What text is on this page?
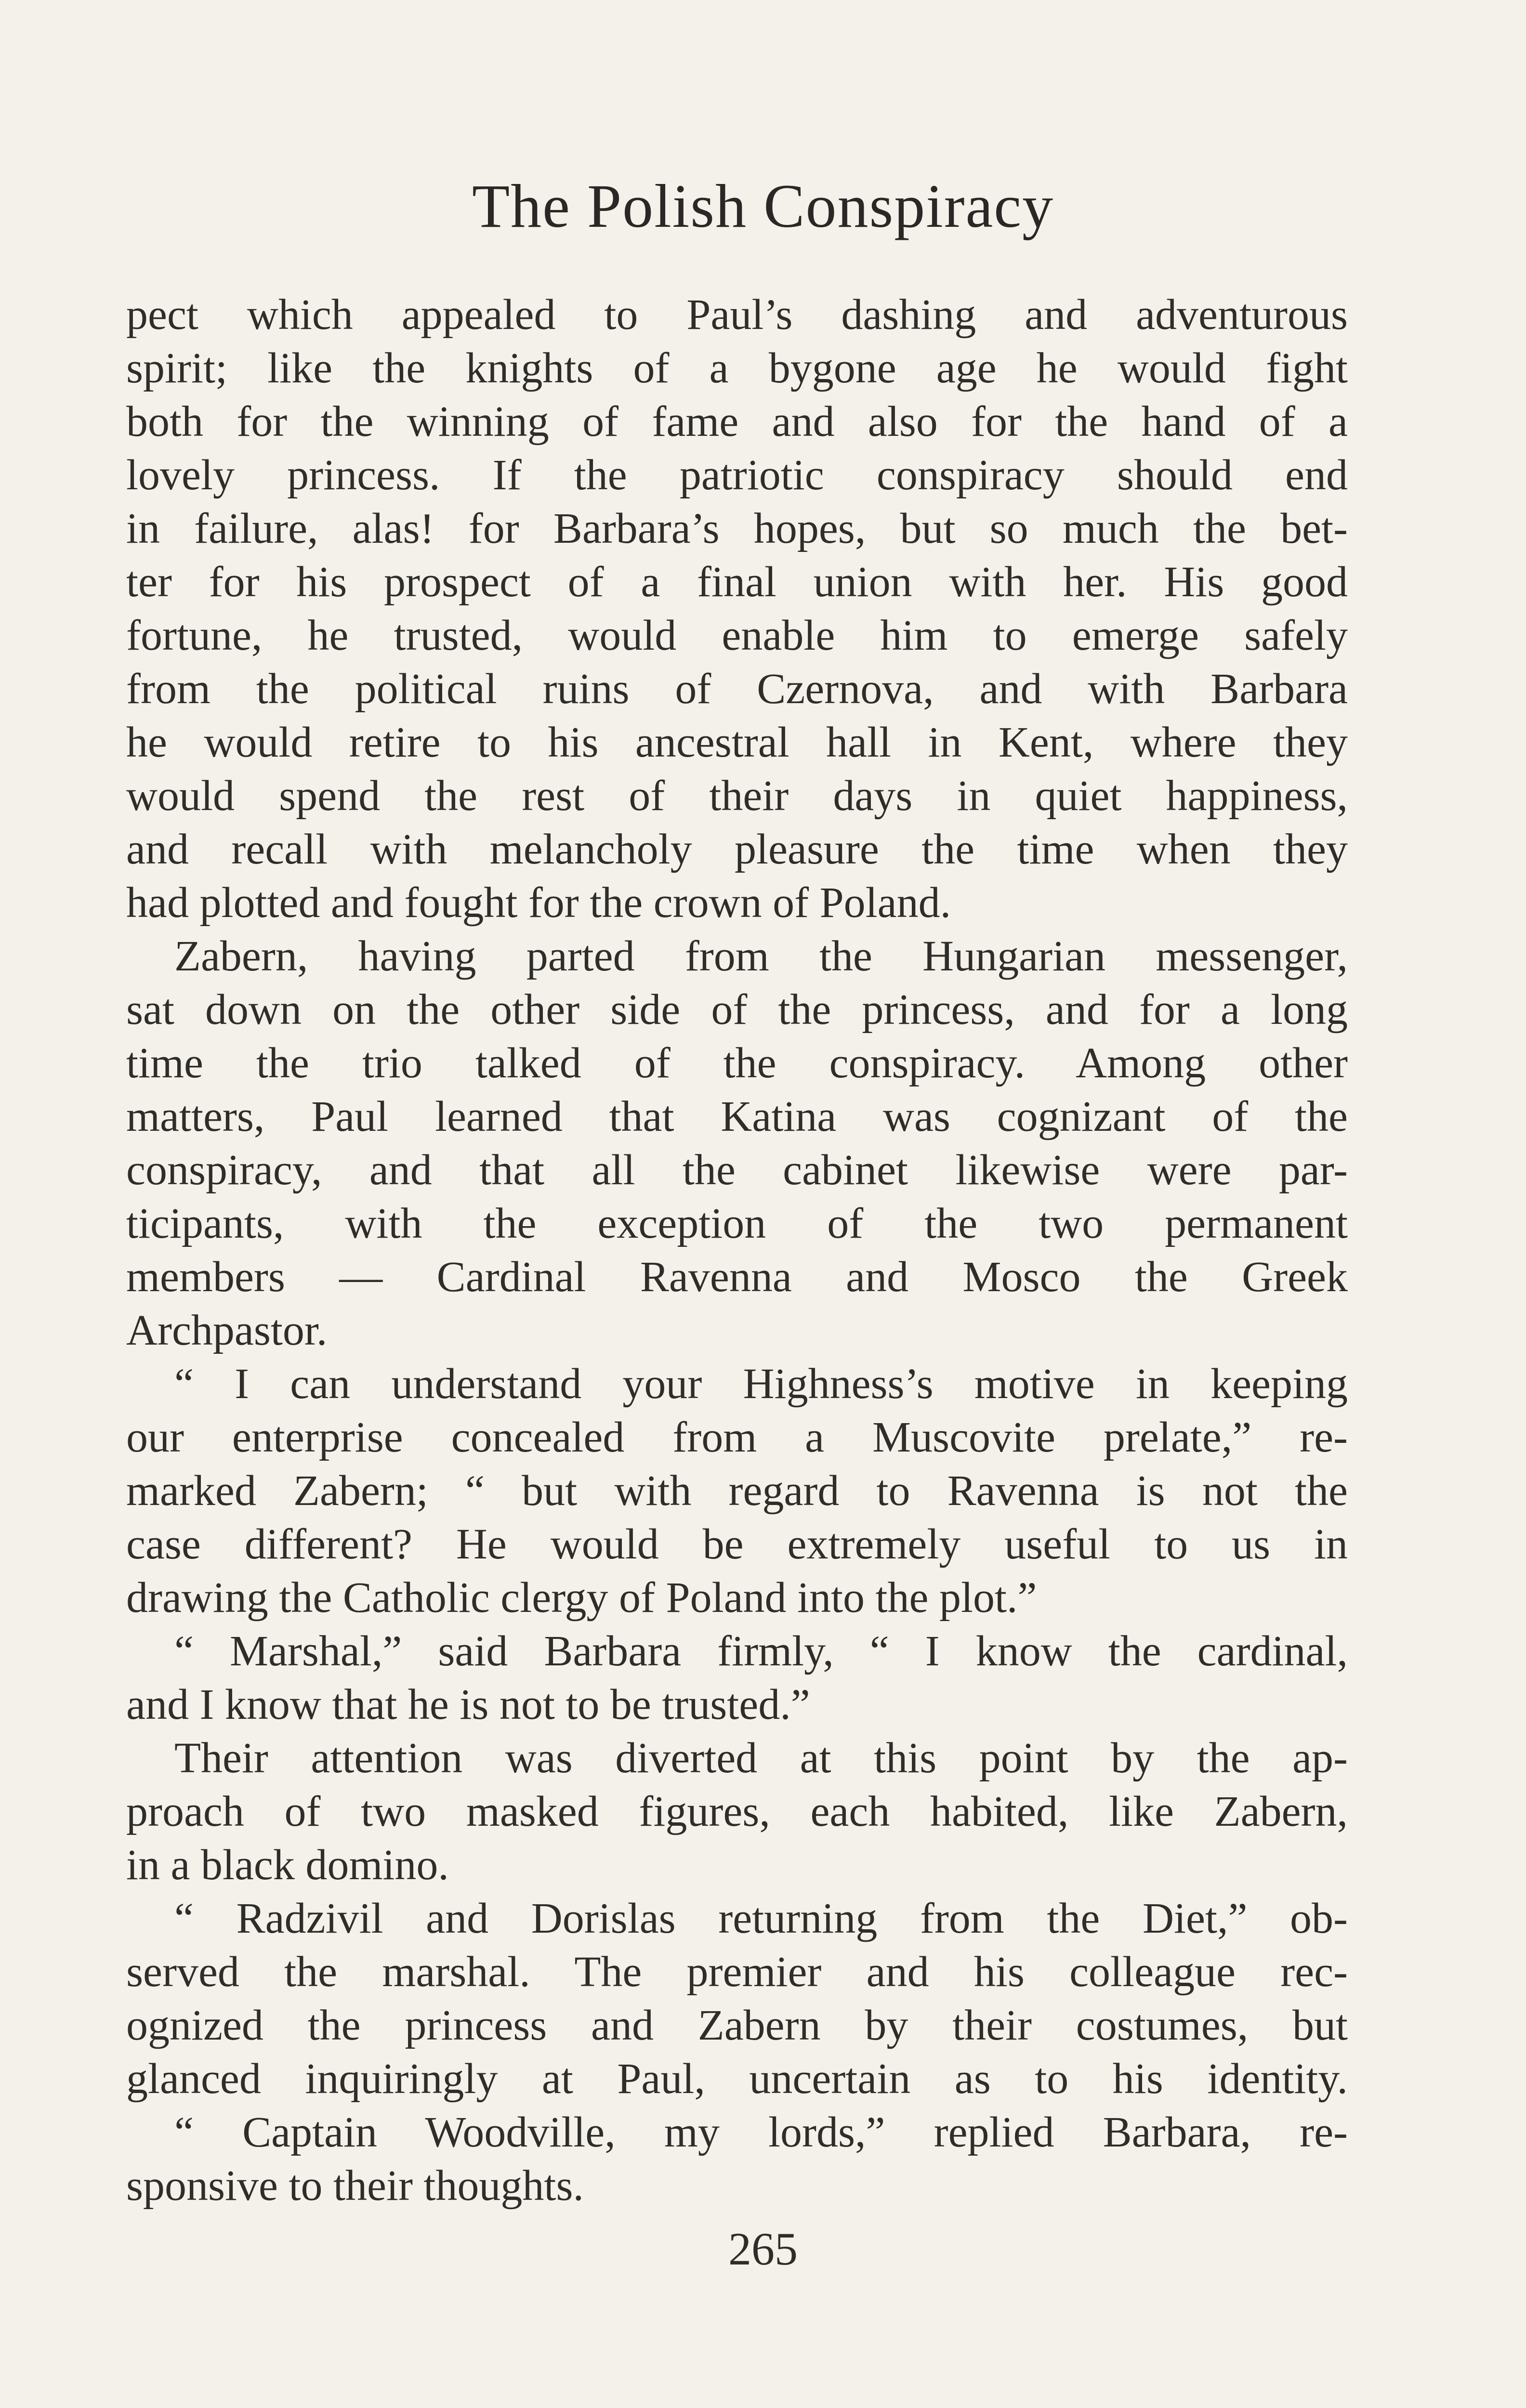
The Polish Conspiracy

pect which appealed to Paul’s dashing and adventurous
spirit; like the knights of a bygone age he would fight
both for the winning of fame and also for the hand of a
lovely princess. If the patriotic conspiracy should end
in failure, alas! for Barbara’s hopes, but so much the bet-
ter for his prospect of a final union with her. His good
fortune, he trusted, would enable him to emerge safely
from the political ruins of Czernova, and with Barbara
he would retire to his ancestral hall in Kent, where they
would spend the rest of their days in quiet happiness,
and recall with melancholy pleasure the time when they
had plotted and fought for the crown of Poland.

Zabern, having parted from the Hungarian messenger,
sat down on the other side of the princess, and for a long
time the trio talked of the conspiracy. Among other
matters, Paul learned that Katina was cognizant of the
conspiracy, and that all the cabinet likewise were par-
ticipants, with the exception of the two permanent
members — Cardinal Ravenna and Mosco the Greek
Archpastor.

“ I can understand your Highness’s motive in keeping
our enterprise concealed from a Muscovite prelate,” re-
marked Zabern; “ but with regard to Ravenna is not the
case different? He would be extremely useful to us in
drawing the Catholic clergy of Poland into the plot.”

“ Marshal,” said Barbara firmly, “ I know the cardinal,
and I know that he is not to be trusted.”

Their attention was diverted at this point by the ap-
proach of two masked figures, each habited, like Zabern,
in a black domino.

“ Radzivil and Dorislas returning from the Diet,” ob-
served the marshal. The premier and his colleague rec-
ognized the princess and Zabern by their costumes, but
glanced inquiringly at Paul, uncertain as to his identity.

“ Captain Woodville, my lords,” replied Barbara, re-
sponsive to their thoughts.

265
